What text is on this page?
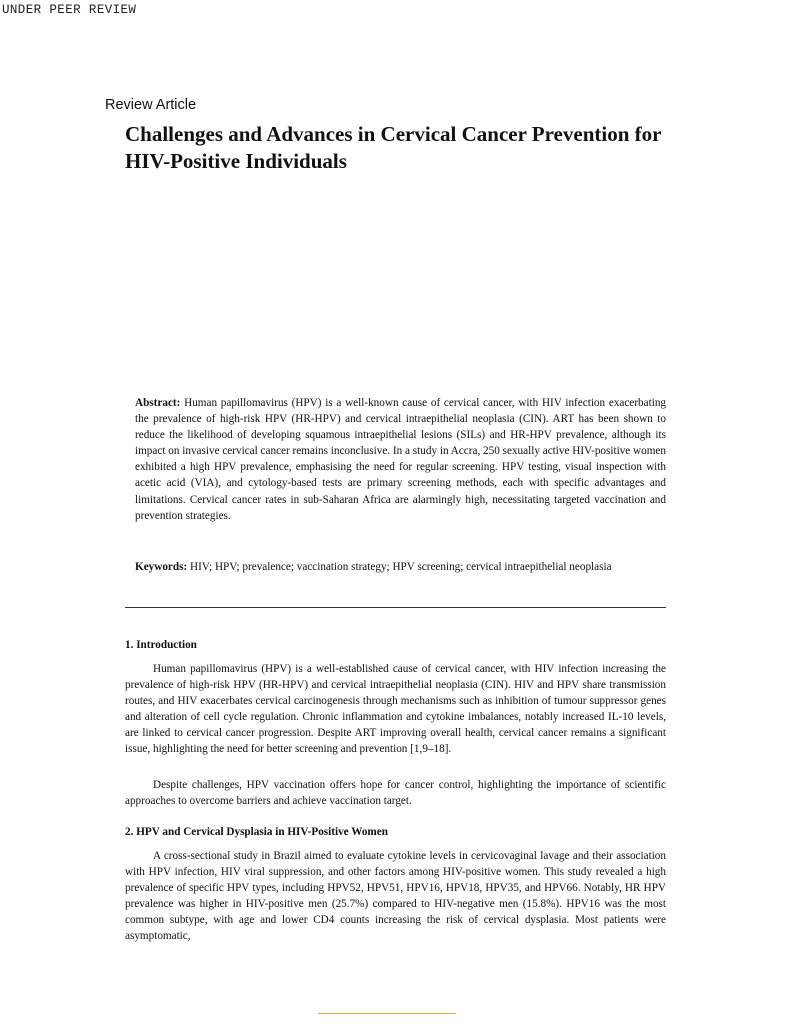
UNDER PEER REVIEW
Review Article
Challenges and Advances in Cervical Cancer Prevention for HIV-Positive Individuals

Abstract: Human papillomavirus (HPV) is a well-known cause of cervical cancer, with HIV infection exacerbating the prevalence of high-risk HPV (HR-HPV) and cervical intraepithelial neoplasia (CIN). ART has been shown to reduce the likelihood of developing squamous intraepithelial lesions (SILs) and HR-HPV prevalence, although its impact on invasive cervical cancer remains inconclusive. In a study in Accra, 250 sexually active HIV-positive women exhibited a high HPV prevalence, emphasising the need for regular screening. HPV testing, visual inspection with acetic acid (VIA), and cytology-based tests are primary screening methods, each with specific advantages and limitations. Cervical cancer rates in sub-Saharan Africa are alarmingly high, necessitating targeted vaccination and prevention strategies.

Keywords: HIV; HPV; prevalence; vaccination strategy; HPV screening; cervical intraepithelial neoplasia

1. Introduction

Human papillomavirus (HPV) is a well-established cause of cervical cancer, with HIV infection increasing the prevalence of high-risk HPV (HR-HPV) and cervical intraepithelial neoplasia (CIN). HIV and HPV share transmission routes, and HIV exacerbates cervical carcinogenesis through mechanisms such as inhibition of tumour suppressor genes and alteration of cell cycle regulation. Chronic inflammation and cytokine imbalances, notably increased IL-10 levels, are linked to cervical cancer progression. Despite ART improving overall health, cervical cancer remains a significant issue, highlighting the need for better screening and prevention [1,9–18].

Despite challenges, HPV vaccination offers hope for cancer control, highlighting the importance of scientific approaches to overcome barriers and achieve vaccination target.

2. HPV and Cervical Dysplasia in HIV-Positive Women

A cross-sectional study in Brazil aimed to evaluate cytokine levels in cervicovaginal lavage and their association with HPV infection, HIV viral suppression, and other factors among HIV-positive women. This study revealed a high prevalence of specific HPV types, including HPV52, HPV51, HPV16, HPV18, HPV35, and HPV66. Notably, HR HPV prevalence was higher in HIV-positive men (25.7%) compared to HIV-negative men (15.8%). HPV16 was the most common subtype, with age and lower CD4 counts increasing the risk of cervical dysplasia. Most patients were asymptomatic,
